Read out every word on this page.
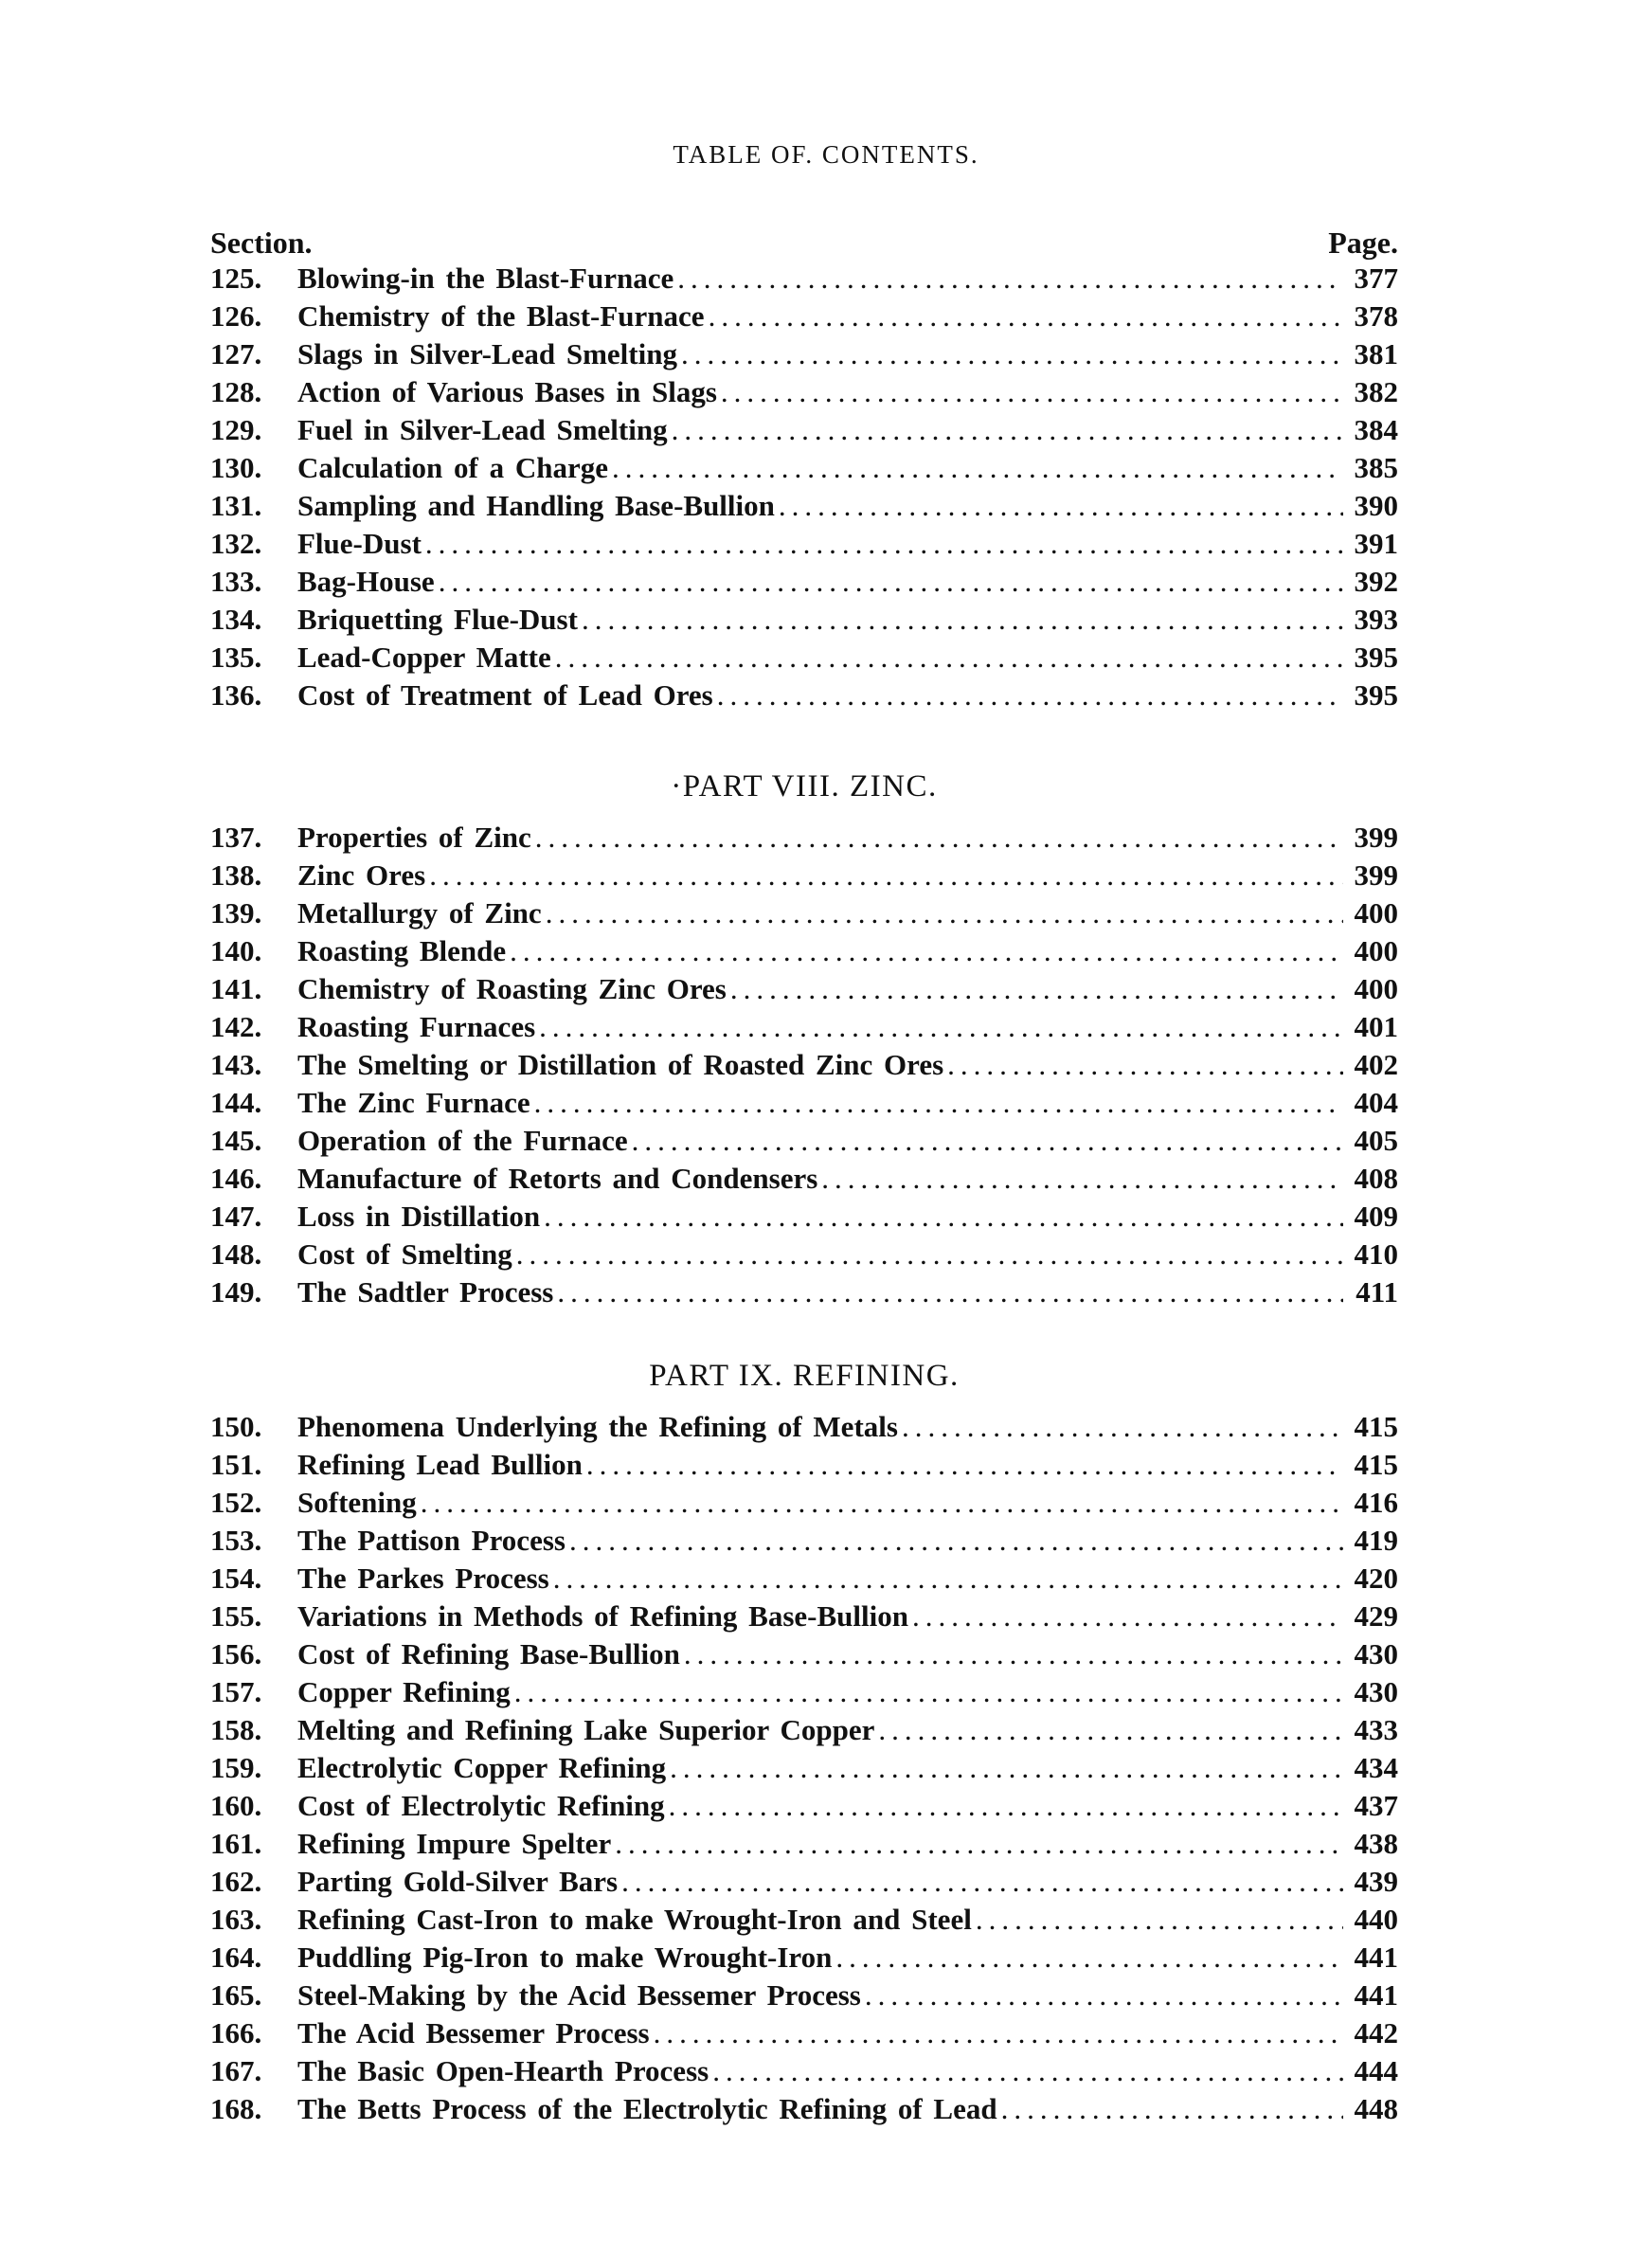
TABLE OF. CONTENTS.
Section.	Page.
125.	Blowing-in the Blast-Furnace .....	377
126.	Chemistry of the Blast-Furnace .....	378
127.	Slags in Silver-Lead Smelting .....	381
128.	Action of Various Bases in Slags .....	382
129.	Fuel in Silver-Lead Smelting .....	384
130.	Calculation of a Charge .....	385
131.	Sampling and Handling Base-Bullion .....	390
132.	Flue-Dust .....	391
133.	Bag-House .....	392
134.	Briquetting Flue-Dust .....	393
135.	Lead-Copper Matte .....	395
136.	Cost of Treatment of Lead Ores .....	395
·PART VIII. ZINC.
137.	Properties of Zinc .....	399
138.	Zinc Ores .....	399
139.	Metallurgy of Zinc .....	400
140.	Roasting Blende .....	400
141.	Chemistry of Roasting Zinc Ores .....	400
142.	Roasting Furnaces .....	401
143.	The Smelting or Distillation of Roasted Zinc Ores .....	402
144.	The Zinc Furnace .....	404
145.	Operation of the Furnace .....	405
146.	Manufacture of Retorts and Condensers .....	408
147.	Loss in Distillation .....	409
148.	Cost of Smelting .....	410
149.	The Sadtler Process .....	411
PART IX. REFINING.
150.	Phenomena Underlying the Refining of Metals .....	415
151.	Refining Lead Bullion .....	415
152.	Softening .....	416
153.	The Pattison Process .....	419
154.	The Parkes Process .....	420
155.	Variations in Methods of Refining Base-Bullion .....	429
156.	Cost of Refining Base-Bullion .....	430
157.	Copper Refining .....	430
158.	Melting and Refining Lake Superior Copper .....	433
159.	Electrolytic Copper Refining .....	434
160.	Cost of Electrolytic Refining .....	437
161.	Refining Impure Spelter .....	438
162.	Parting Gold-Silver Bars .....	439
163.	Refining Cast-Iron to make Wrought-Iron and Steel .....	440
164.	Puddling Pig-Iron to make Wrought-Iron .....	441
165.	Steel-Making by the Acid Bessemer Process .....	441
166.	The Acid Bessemer Process .....	442
167.	The Basic Open-Hearth Process .....	444
168.	The Betts Process of the Electrolytic Refining of Lead .....	448
